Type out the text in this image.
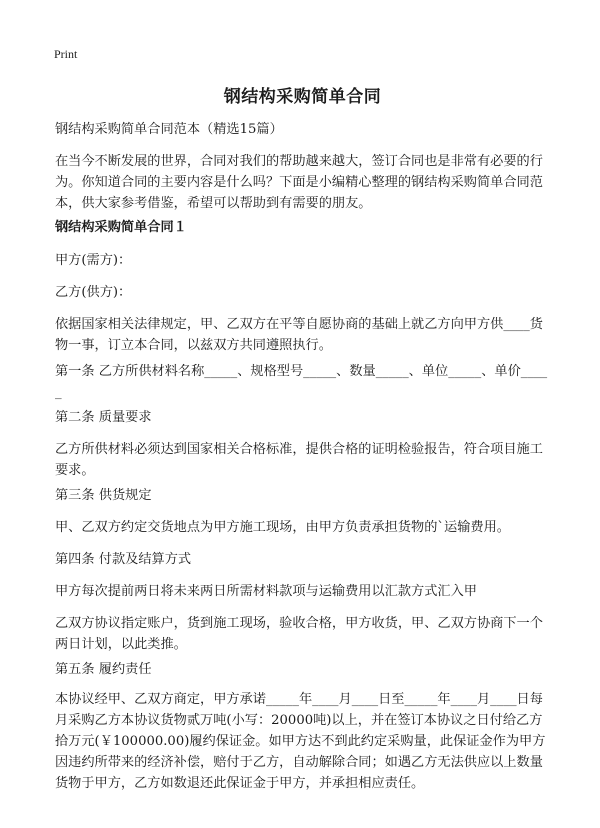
Print
钢结构采购简单合同

钢结构采购简单合同范本（精选15篇）

在当今不断发展的世界，合同对我们的帮助越来越大，签订合同也是非常有必要的行为。你知道合同的主要内容是什么吗？下面是小编精心整理的钢结构采购简单合同范本，供大家参考借鉴，希望可以帮助到有需要的朋友。

钢结构采购简单合同１

甲方(需方)：

乙方(供方)：

依据国家相关法律规定，甲、乙双方在平等自愿协商的基础上就乙方向甲方供____货物一事，订立本合同，以兹双方共同遵照执行。

第一条 乙方所供材料名称_____、规格型号_____、数量_____、单位_____、单价_____

第二条 质量要求

乙方所供材料必须达到国家相关合格标准，提供合格的证明检验报告，符合项目施工要求。

第三条 供货规定

甲、乙双方约定交货地点为甲方施工现场，由甲方负责承担货物的`运输费用。

第四条 付款及结算方式

甲方每次提前两日将未来两日所需材料款项与运输费用以汇款方式汇入甲

乙双方协议指定账户，货到施工现场，验收合格，甲方收货，甲、乙双方协商下一个两日计划，以此类推。

第五条 履约责任

本协议经甲、乙双方商定，甲方承诺_____年____月____日至_____年____月____日每月采购乙方本协议货物贰万吨(小写：20000吨)以上，并在签订本协议之日付给乙方拾万元(￥100000.00)履约保证金。如甲方达不到此约定采购量，此保证金作为甲方因违约所带来的经济补偿，赔付于乙方，自动解除合同；如遇乙方无法供应以上数量货物于甲方，乙方如数退还此保证金于甲方，并承担相应责任。
